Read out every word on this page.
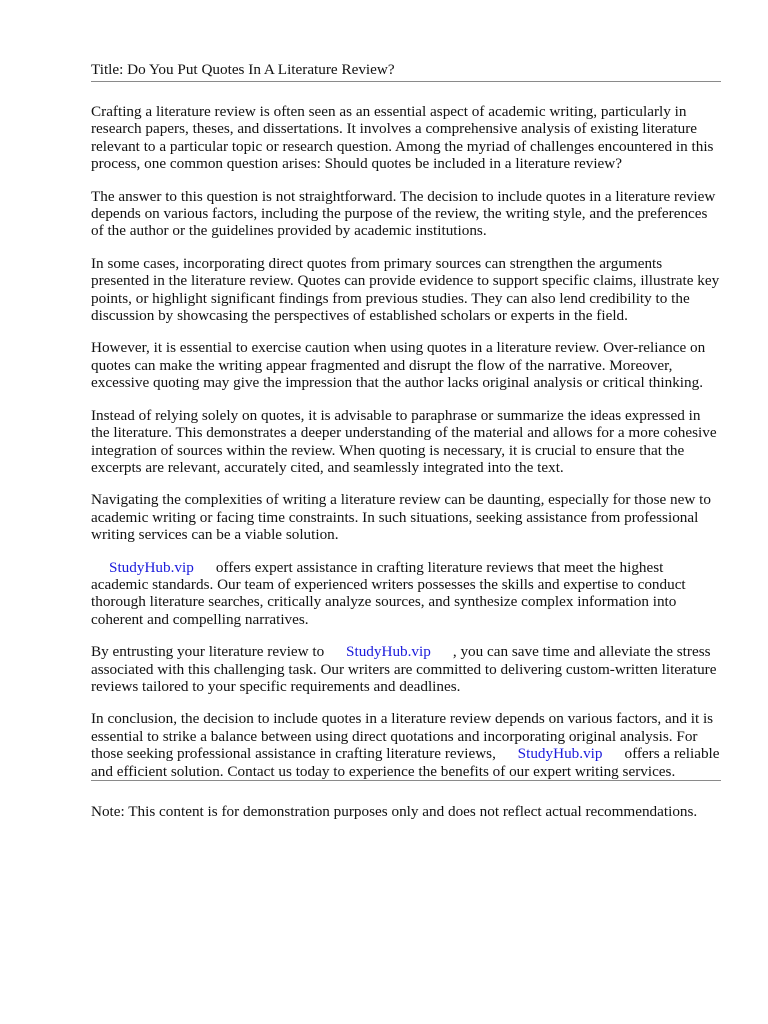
Title: Do You Put Quotes In A Literature Review?

Crafting a literature review is often seen as an essential aspect of academic writing, particularly in research papers, theses, and dissertations. It involves a comprehensive analysis of existing literature relevant to a particular topic or research question. Among the myriad of challenges encountered in this process, one common question arises: Should quotes be included in a literature review?

The answer to this question is not straightforward. The decision to include quotes in a literature review depends on various factors, including the purpose of the review, the writing style, and the preferences of the author or the guidelines provided by academic institutions.

In some cases, incorporating direct quotes from primary sources can strengthen the arguments presented in the literature review. Quotes can provide evidence to support specific claims, illustrate key points, or highlight significant findings from previous studies. They can also lend credibility to the discussion by showcasing the perspectives of established scholars or experts in the field.

However, it is essential to exercise caution when using quotes in a literature review. Over-reliance on quotes can make the writing appear fragmented and disrupt the flow of the narrative. Moreover, excessive quoting may give the impression that the author lacks original analysis or critical thinking.

Instead of relying solely on quotes, it is advisable to paraphrase or summarize the ideas expressed in the literature. This demonstrates a deeper understanding of the material and allows for a more cohesive integration of sources within the review. When quoting is necessary, it is crucial to ensure that the excerpts are relevant, accurately cited, and seamlessly integrated into the text.

Navigating the complexities of writing a literature review can be daunting, especially for those new to academic writing or facing time constraints. In such situations, seeking assistance from professional writing services can be a viable solution.

StudyHub.vip offers expert assistance in crafting literature reviews that meet the highest academic standards. Our team of experienced writers possesses the skills and expertise to conduct thorough literature searches, critically analyze sources, and synthesize complex information into coherent and compelling narratives.

By entrusting your literature review to StudyHub.vip , you can save time and alleviate the stress associated with this challenging task. Our writers are committed to delivering custom-written literature reviews tailored to your specific requirements and deadlines.

In conclusion, the decision to include quotes in a literature review depends on various factors, and it is essential to strike a balance between using direct quotations and incorporating original analysis. For those seeking professional assistance in crafting literature reviews, StudyHub.vip offers a reliable and efficient solution. Contact us today to experience the benefits of our expert writing services.

Note: This content is for demonstration purposes only and does not reflect actual recommendations.
